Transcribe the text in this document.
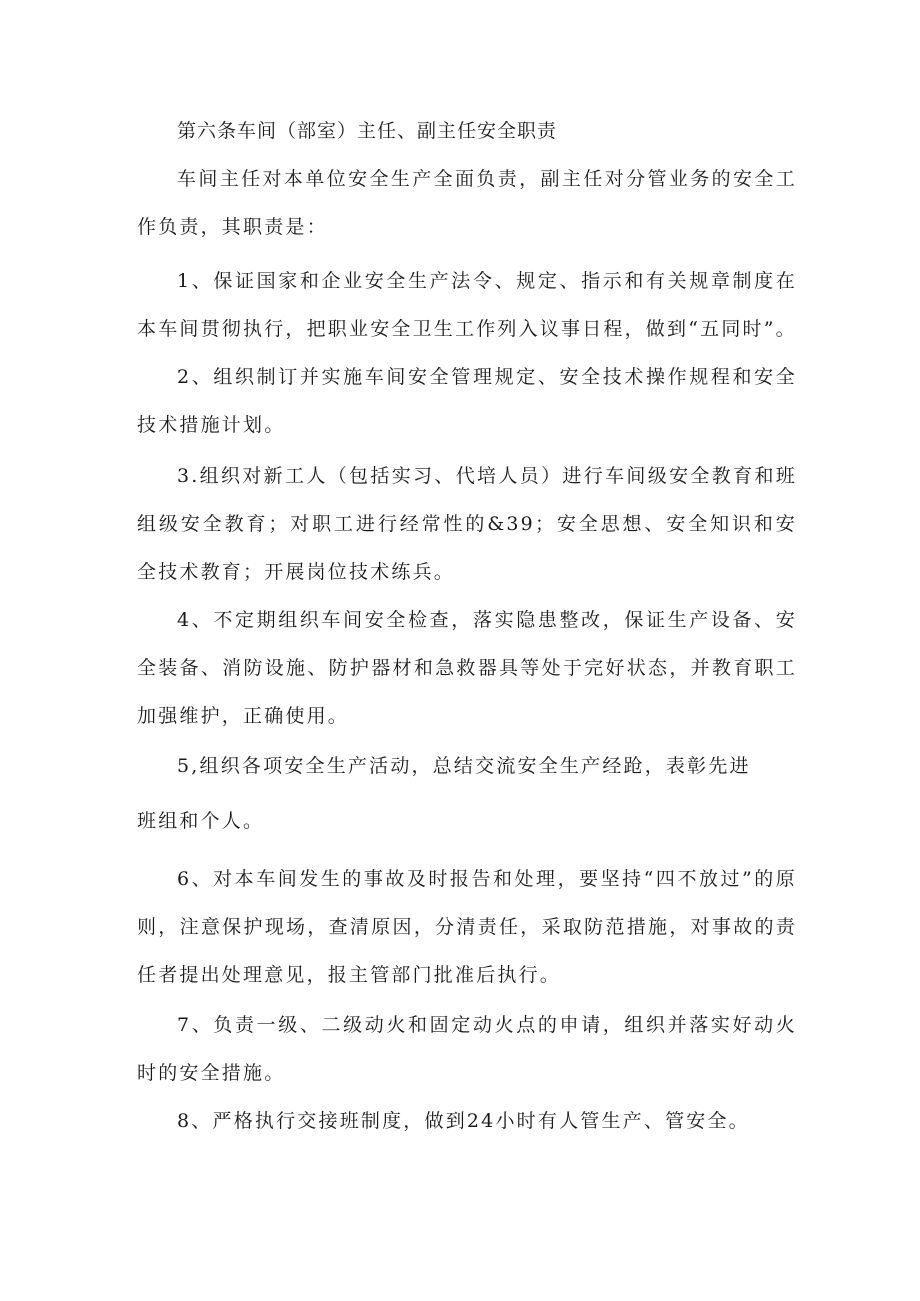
第六条车间（部室）主任、副主任安全职责

车间主任对本单位安全生产全面负责，副主任对分管业务的安全工作负责，其职责是：

1、保证国家和企业安全生产法令、规定、指示和有关规章制度在本车间贯彻执行，把职业安全卫生工作列入议事日程，做到“五同时”。

2、组织制订并实施车间安全管理规定、安全技术操作规程和安全技术措施计划。

3.组织对新工人（包括实习、代培人员）进行车间级安全教育和班组级安全教育；对职工进行经常性的&39；安全思想、安全知识和安全技术教育；开展岗位技术练兵。

4、不定期组织车间安全检查，落实隐患整改，保证生产设备、安全装备、消防设施、防护器材和急救器具等处于完好状态，并教育职工加强维护，正确使用。

5,组织各项安全生产活动，总结交流安全生产经跄，表彰先进

班组和个人。

6、对本车间发生的事故及时报告和处理，要坚持“四不放过”的原则，注意保护现场，查清原因，分清责任，采取防范措施，对事故的责任者提出处理意见，报主管部门批准后执行。

7、负责一级、二级动火和固定动火点的申请，组织并落实好动火时的安全措施。

8、严格执行交接班制度，做到24小时有人管生产、管安全。
